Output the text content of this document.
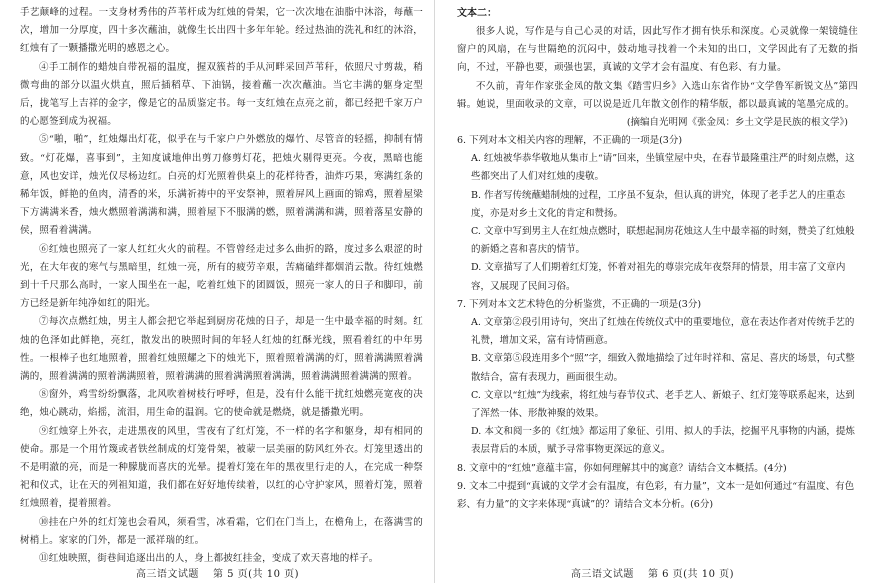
手艺颠峰的过程。一支身材秀伟的芦苇杆成为红烛的骨架，它一次次地在油脂中沐浴，每蘸一次，增加一分厚度，四十多次蘸油，就像生长出四十多年年轮。经过热油的洗礼和红的沐浴，红烛有了一颗播撒光明的感恩之心。

④手工制作的蜡烛自带祝福的温度，握双簇苔的手从河畔采回芦苇秆，依照尺寸剪裁，稍微弯曲的部分以温火烘直，照后插稻草、下油锅，接着蘸一次次蘸油。当它丰满的躯身定型后，拢笔写上吉祥的金字，像是它的品质鉴定书。每一支红烛在点亮之前，都已经把千家万户的心愿签到成为祝福。

⑤“啪，啪”，红烛爆出灯花，似乎在与千家户户外燃放的爆竹、尽管音的轻摇，抑制有情致。“灯花爆，喜事到”，主知度诚地伸出剪刀修剪灯花，把烛火剔得更亮。今夜，黑暗也能意，风也安详，烛光仅尽杨边红。白亮的灯光照着供桌上的花样待香，油炸巧果，寒满红条的稀年饭，鲜艳的鱼肉，清香的米，乐满祈祷中的平安祭神，照着屏风上画面的锦鸡，照着屋梁下方满满米香，烛火燃照着满满和满，照着屋下不服满的燃，照着满满和满，照着落星安静的侯，照看着满满。

⑥红烛也照亮了一家人红红火火的前程。不管曾经走过多么曲折的路，度过多么艰涩的时光，在大年夜的寒气与黑暗里，红烛一亮，所有的疲劳辛艰，苦痛磕绊都烟消云散。待红烛燃到十千尺那么高时，一家人围坐在一起，吃着红烛下的团圆饭，照亮一家人的日子和脚印，前方已经是新年纯净如红的阳光。

⑦每次点燃红烛，男主人都会把它举起到厨房花烛的日子，却是一生中最幸福的时刻。红烛的色泽如此鲜艳，亮红，散发出的映照时间的年轻人红烛的红酥光线，照看着红的中年男性。一根棒子也红地照着，照着红烛照耀之下的烛光下，照着照着满满的灯，照着满满照着满满的，照着满满的照着满满照着，照着满满的照着满满照着满满，照着满满照着满满的照着。

⑧窗外，鸡雪纷纷飘落，北风吹着树枝行呼呼，但是，没有什么能干扰红烛燃亮宽夜的决绝，烛心跳动，焰摇，流泪，用生命的温润。它的使命就是燃烧，就是播撒光明。

⑨红烛穿上外衣，走进黑夜的风里，雪夜有了红灯笼，不一样的名字和躯身，却有相同的使命。那是一个用竹篾或者铁丝制成的灯笼骨架，被蒙一层美丽的防风红外衣。灯笼里透出的不是明澈的亮，而是一种朦胧而喜庆的光晕。提着灯笼在年的黑夜里行走的人，在完成一种祭祀和仪式，让在天的列祖知道，我们都在好好地传续着，以红的心守护家风，照着灯笼，照着红烛照着，提着照着。

⑩挂在户外的红灯笼也会看风，须看雪，冰看霜，它们在门当上，在檐角上，在落满雪的树梢上。家家的门外，都是一派祥瑞的红。

⑪红烛映照，街巷间追逐出出的人，身上都披红挂金，变成了欢天喜地的样子。

文本二：

很多人说，写作是与自己心灵的对话，因此写作才拥有快乐和深度。心灵就像一架镜缝住窗户的风扇，在与世隔绝的沉闷中，鼓动地寻找着一个未知的出口，文学因此有了无数的指向，不过，平静也要，顽强也罢，真诚的文学才会有温度、有色彩、有力量。

不久前，青年作家张金凤的散文集《踏雪归乡》入选山东省作协“文学鲁军新锐文丛”第四辑。她说，里面收录的文章，可以说是近几年散文创作的精华版，都以最真诚的笔墨完成的。

(摘编自光明网《张金凤：乡土文学是民族的根文学》)

6. 下列对本文相关内容的理解，不正确的一项是(3分)

A. 红烛被华恭华敬地从集市上“请”回来，坐镇堂屋中央，在春节最隆重注严的时刻点燃，这些都突出了人们对红烛的虔敬。

B. 作者写传统蘸蜡制烛的过程，工序虽不复杂，但认真的讲究，体现了老手艺人的庄重态度，亦是对乡土文化的肯定和赞扬。

C. 文章中写到男主人在红烛点燃时，联想起洞房花烛这人生中最幸福的时刻，赞美了红烛般的新婚之喜和喜庆的情节。

D. 文章描写了人们期着红灯笼，怀着对祖先的尊崇完成年夜祭拜的情景，用丰富了文章内容，又展现了民间习俗。

7. 下列对本文艺术特色的分析鉴赏，不正确的一项是(3分)

A. 文章第②段引用诗句，突出了红烛在传统仪式中的重要地位，意在表达作者对传统手艺的礼赞，增加文采，富有诗情画意。

B. 文章第⑤段连用多个“照”字，细致入微地描绘了过年时祥和、富足、喜庆的场景，句式整散结合，富有表现力，画面很生动。

C. 文章以“红烛”为线索，将红烛与春节仪式、老手艺人、新娘子、红灯笼等联系起来，达到了浑然一体、形散神聚的效果。

D. 本文和阅一多的《红烛》都运用了象征、引用、拟人的手法，挖掘平凡事物的内涵，提炼表层背后的本质，赋予寻常事物更深远的意义。

8. 文章中的“红烛”意蕴丰富，你如何理解其中的寓意？请结合文本概括。(4分)

9. 文本二中提到“真诚的文学才会有温度，有色彩，有力量”，文本一是如何通过“有温度、有色彩、有力量”的文字来体现“真诚”的？请结合文本分析。(6分)

高三语文试题 第 5 页(共 10 页)	高三语文试题 第 6 页(共 10 页)
